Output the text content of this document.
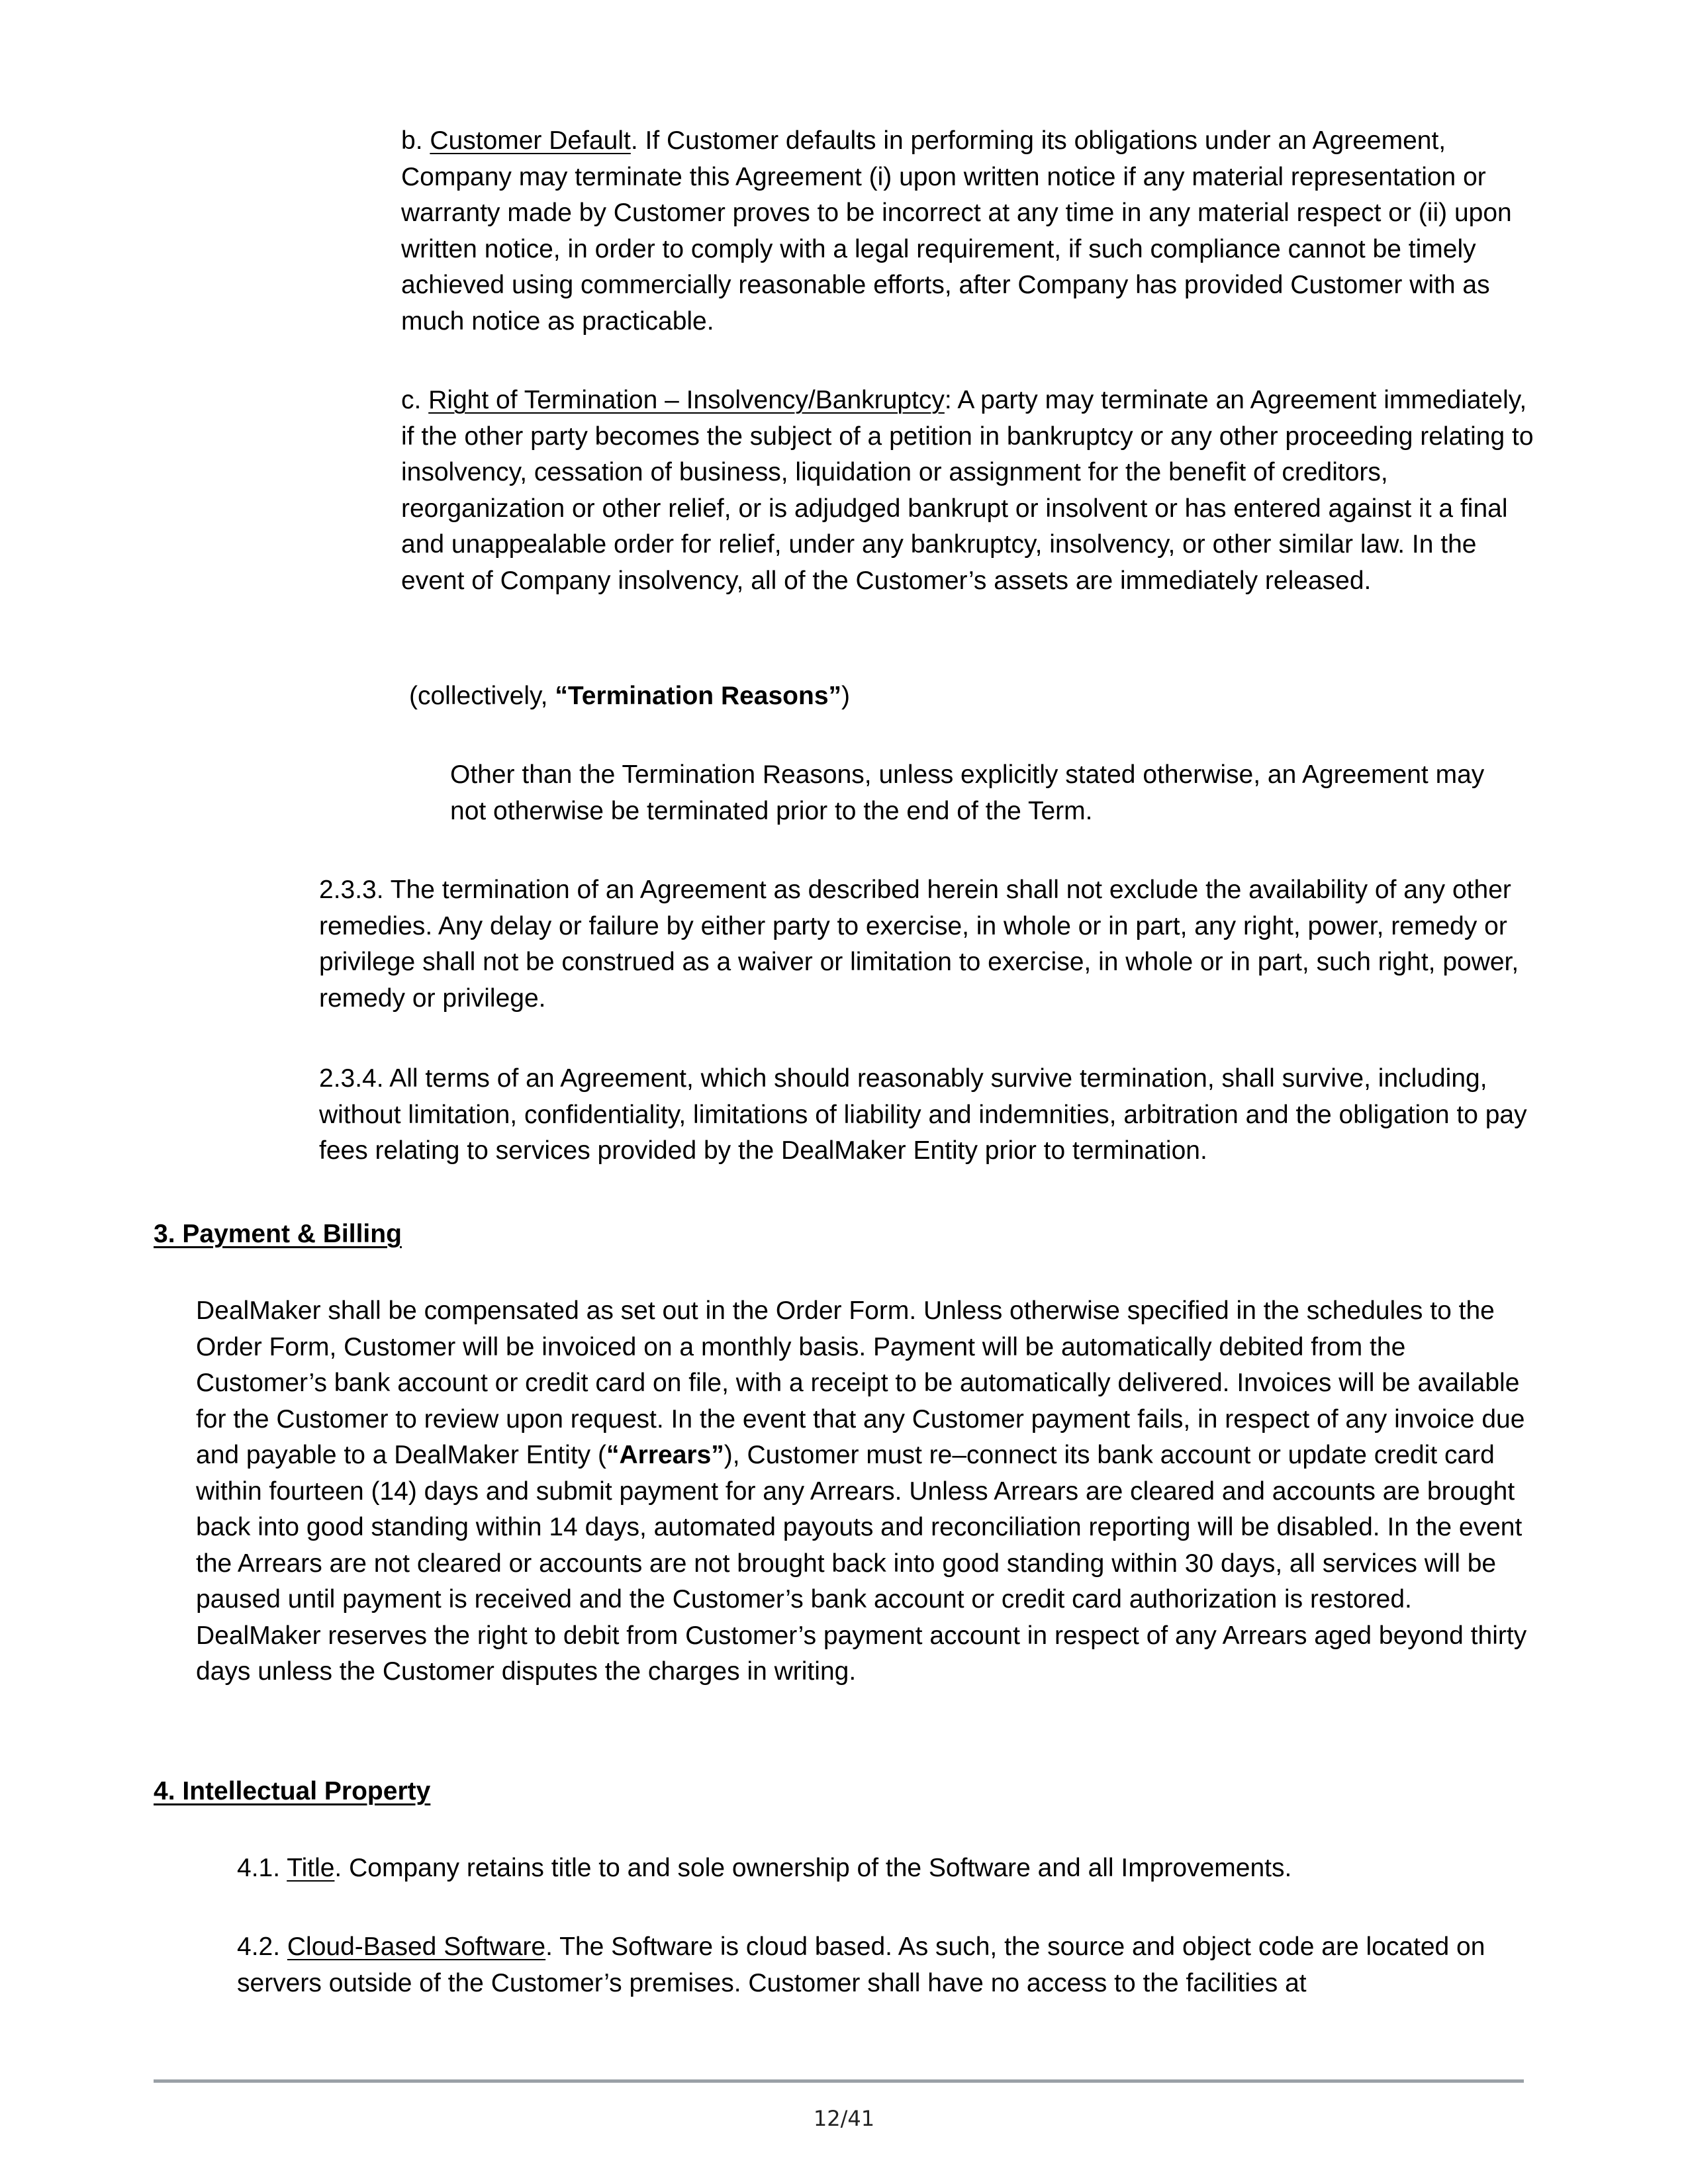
b. Customer Default. If Customer defaults in performing its obligations under an Agreement, Company may terminate this Agreement (i) upon written notice if any material representation or warranty made by Customer proves to be incorrect at any time in any material respect or (ii) upon written notice, in order to comply with a legal requirement, if such compliance cannot be timely achieved using commercially reasonable efforts, after Company has provided Customer with as much notice as practicable.

c. Right of Termination – Insolvency/Bankruptcy: A party may terminate an Agreement immediately, if the other party becomes the subject of a petition in bankruptcy or any other proceeding relating to insolvency, cessation of business, liquidation or assignment for the benefit of creditors, reorganization or other relief, or is adjudged bankrupt or insolvent or has entered against it a final and unappealable order for relief, under any bankruptcy, insolvency, or other similar law. In the event of Company insolvency, all of the Customer’s assets are immediately released.

(collectively, “Termination Reasons”)

Other than the Termination Reasons, unless explicitly stated otherwise, an Agreement may not otherwise be terminated prior to the end of the Term.

2.3.3. The termination of an Agreement as described herein shall not exclude the availability of any other remedies. Any delay or failure by either party to exercise, in whole or in part, any right, power, remedy or privilege shall not be construed as a waiver or limitation to exercise, in whole or in part, such right, power, remedy or privilege.

2.3.4. All terms of an Agreement, which should reasonably survive termination, shall survive, including, without limitation, confidentiality, limitations of liability and indemnities, arbitration and the obligation to pay fees relating to services provided by the DealMaker Entity prior to termination.

3. Payment & Billing

DealMaker shall be compensated as set out in the Order Form. Unless otherwise specified in the schedules to the Order Form, Customer will be invoiced on a monthly basis. Payment will be automatically debited from the Customer’s bank account or credit card on file, with a receipt to be automatically delivered. Invoices will be available for the Customer to review upon request. In the event that any Customer payment fails, in respect of any invoice due and payable to a DealMaker Entity (“Arrears”), Customer must re–connect its bank account or update credit card within fourteen (14) days and submit payment for any Arrears. Unless Arrears are cleared and accounts are brought back into good standing within 14 days, automated payouts and reconciliation reporting will be disabled. In the event the Arrears are not cleared or accounts are not brought back into good standing within 30 days, all services will be paused until payment is received and the Customer’s bank account or credit card authorization is restored. DealMaker reserves the right to debit from Customer’s payment account in respect of any Arrears aged beyond thirty days unless the Customer disputes the charges in writing.

4. Intellectual Property

4.1. Title. Company retains title to and sole ownership of the Software and all Improvements.

4.2. Cloud-Based Software. The Software is cloud based. As such, the source and object code are located on servers outside of the Customer’s premises. Customer shall have no access to the facilities at

12/41
